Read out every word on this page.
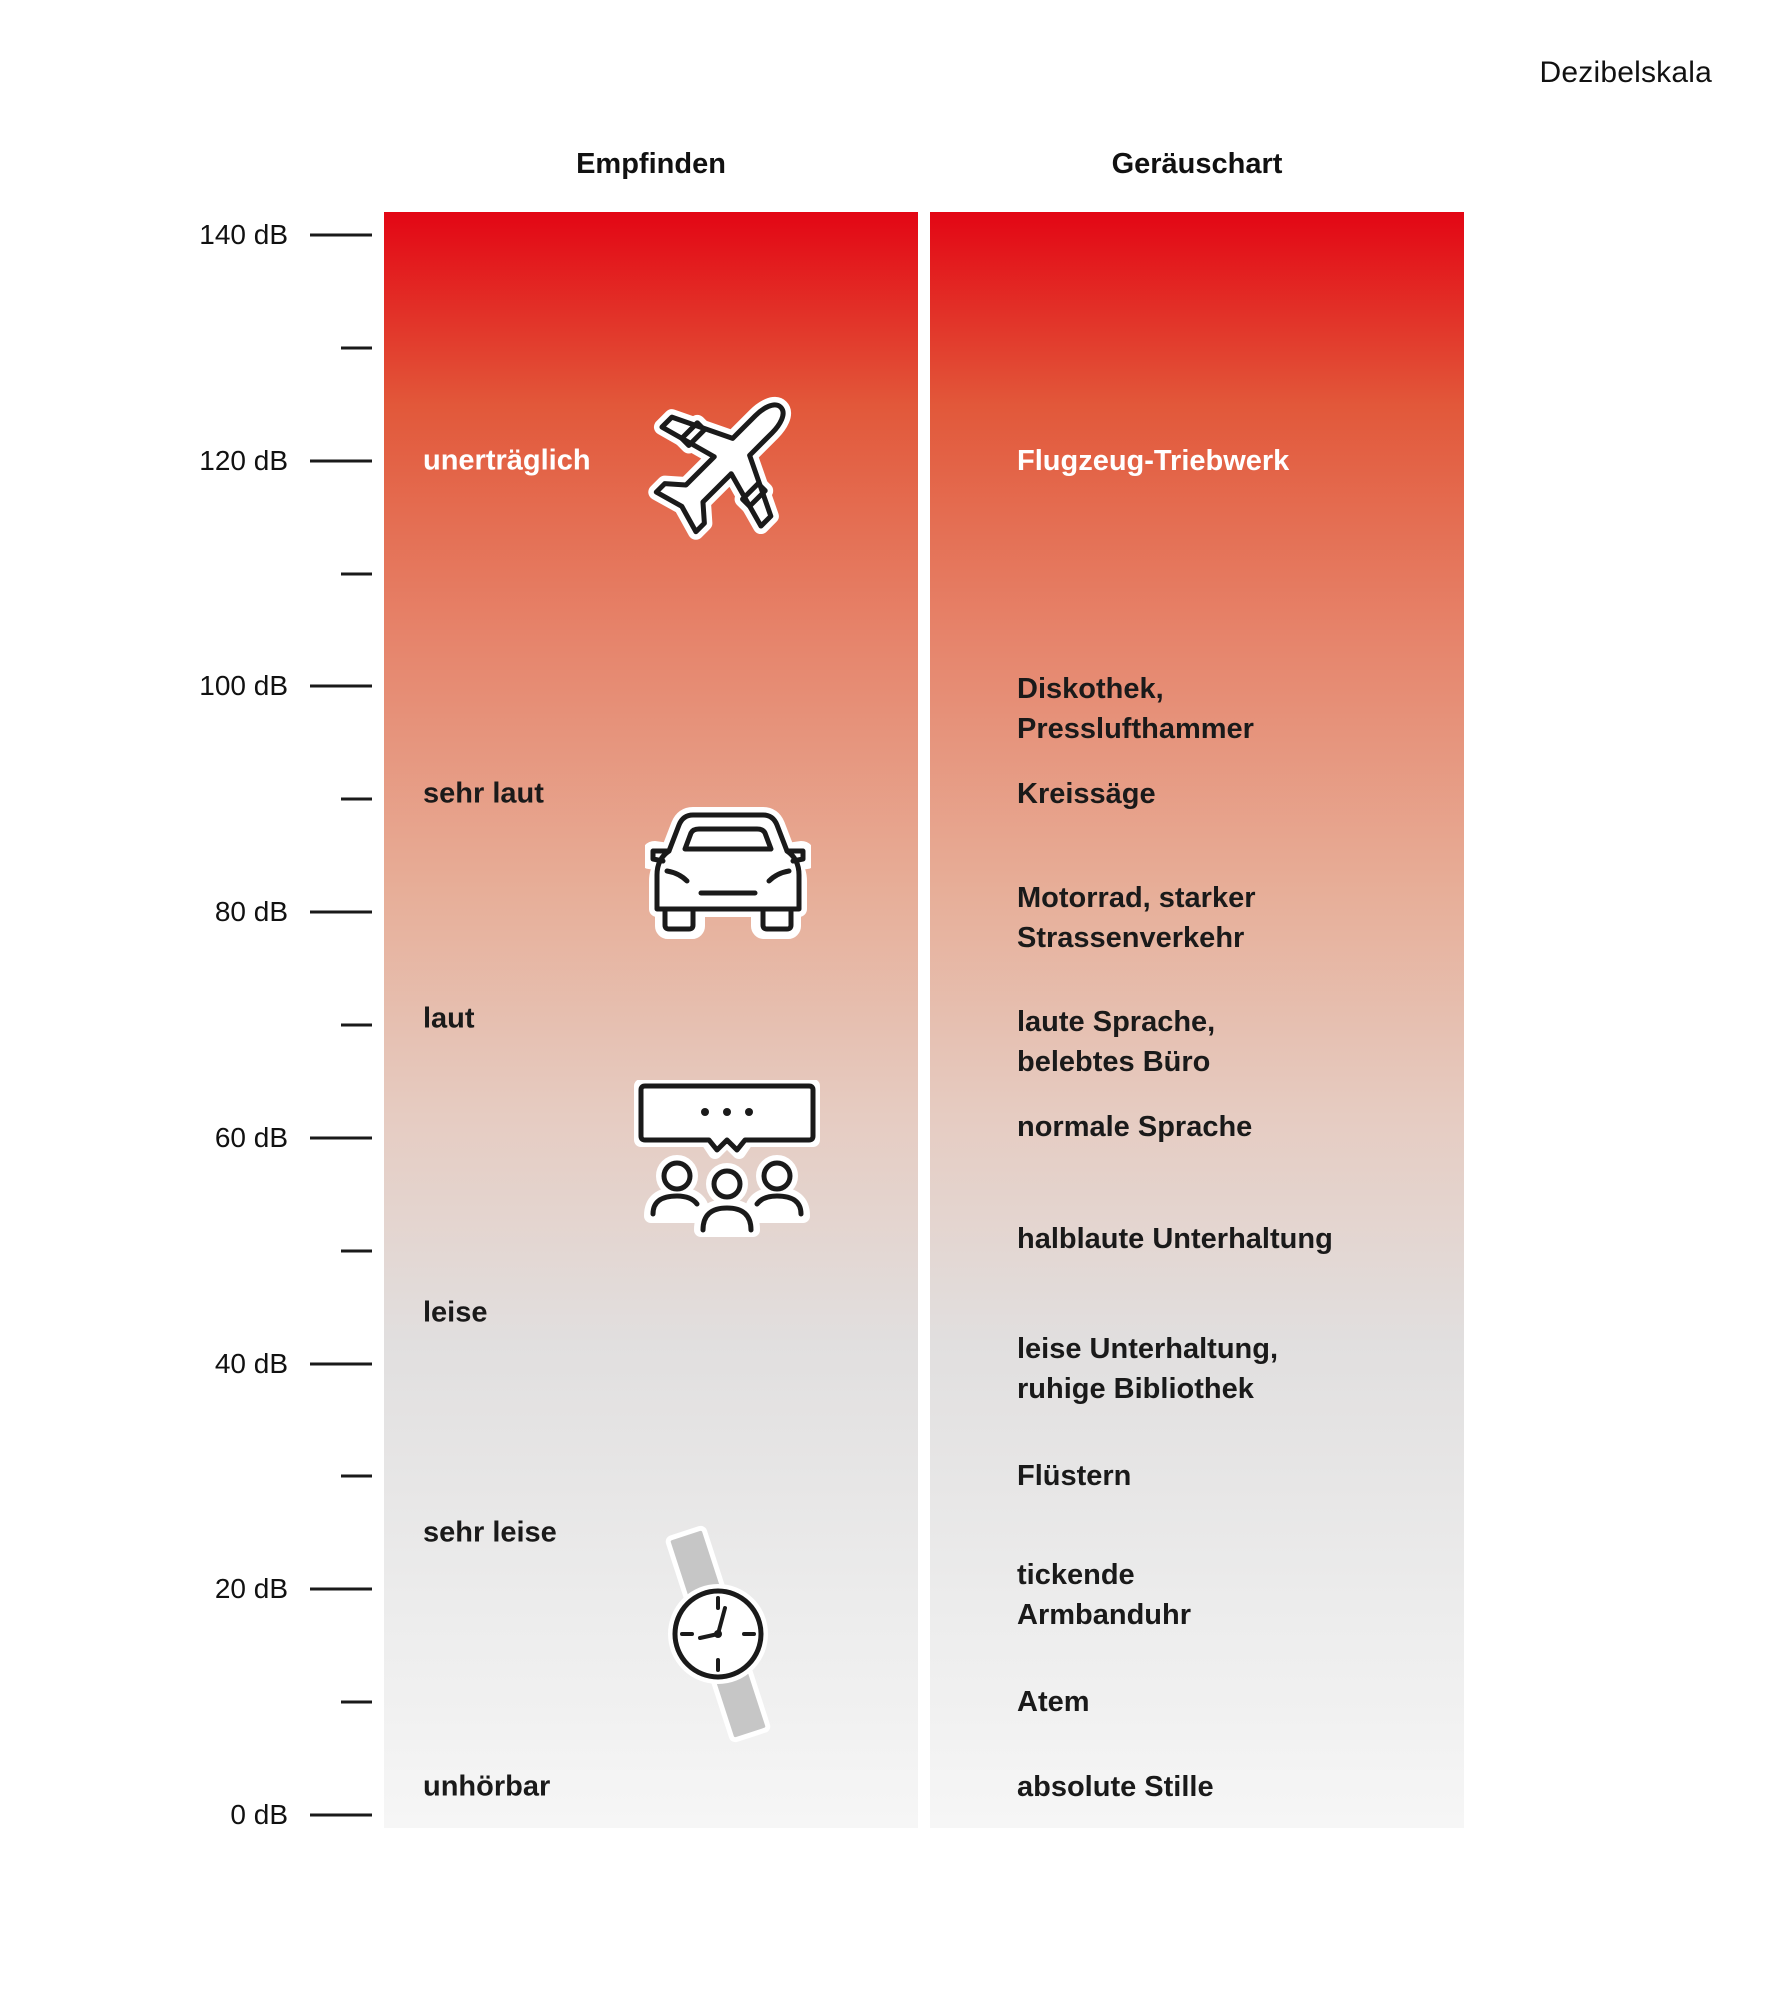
Dezibelskala
Empfinden	Geräuschart
140 dB
120 dB
100 dB
80 dB
60 dB
40 dB
20 dB
0 dB
unerträglich
sehr laut
laut
leise
sehr leise
unhörbar
Flugzeug-Triebwerk
Diskothek,
Presslufthammer
Kreissäge
Motorrad, starker
Strassenverkehr
laute Sprache,
belebtes Büro
normale Sprache
halblaute Unterhaltung
leise Unterhaltung,
ruhige Bibliothek
Flüstern
tickende
Armbanduhr
Atem
absolute Stille
